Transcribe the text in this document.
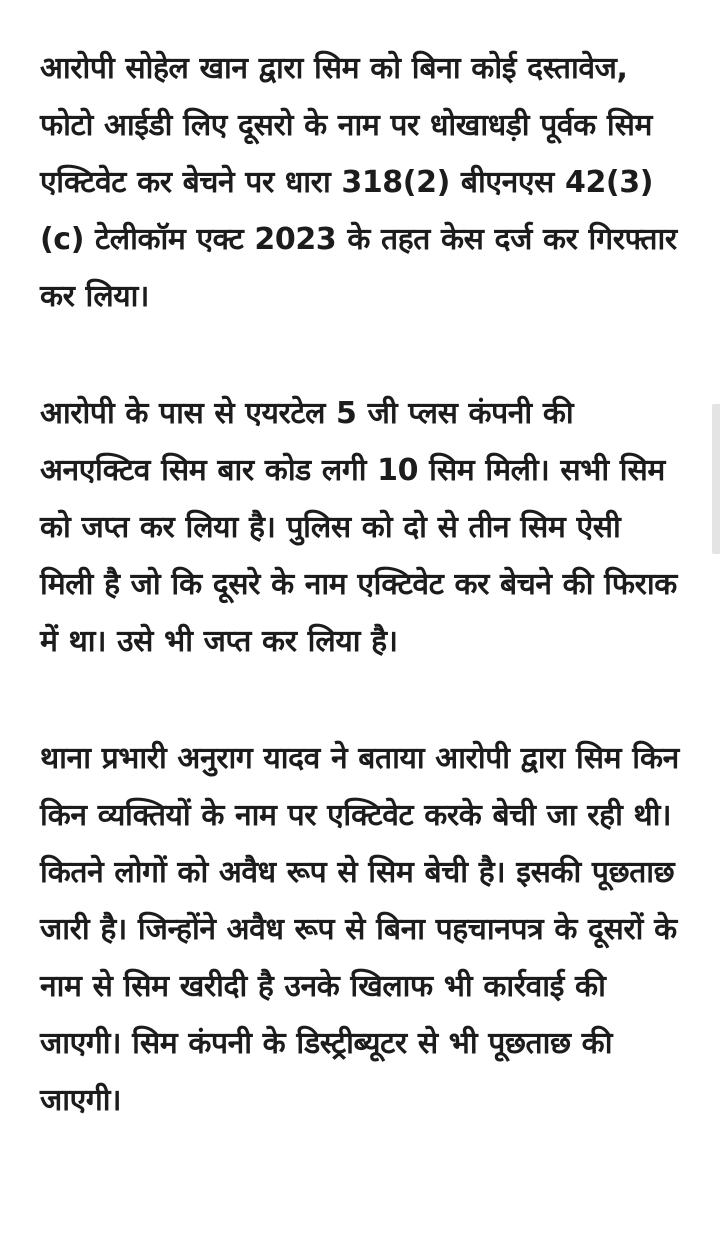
आरोपी सोहेल खान द्वारा सिम को बिना कोई दस्तावेज, फोटो आईडी लिए दूसरो के नाम पर धोखाधड़ी पूर्वक सिम एक्टिवेट कर बेचने पर धारा 318(2) बीएनएस 42(3) (c) टेलीकॉम एक्ट 2023 के तहत केस दर्ज कर गिरफ्तार कर लिया।

आरोपी के पास से एयरटेल 5 जी प्लस कंपनी की अनएक्टिव सिम बार कोड लगी 10 सिम मिली। सभी सिम को जप्त कर लिया है। पुलिस को दो से तीन सिम ऐसी मिली है जो कि दूसरे के नाम एक्टिवेट कर बेचने की फिराक में था। उसे भी जप्त कर लिया है।

थाना प्रभारी अनुराग यादव ने बताया आरोपी द्वारा सिम किन किन व्यक्तियों के नाम पर एक्टिवेट करके बेची जा रही थी। कितने लोगों को अवैध रूप से सिम बेची है। इसकी पूछताछ जारी है। जिन्होंने अवैध रूप से बिना पहचानपत्र के दूसरों के नाम से सिम खरीदी है उनके खिलाफ भी कार्रवाई की जाएगी। सिम कंपनी के डिस्ट्रीब्यूटर से भी पूछताछ की जाएगी।
